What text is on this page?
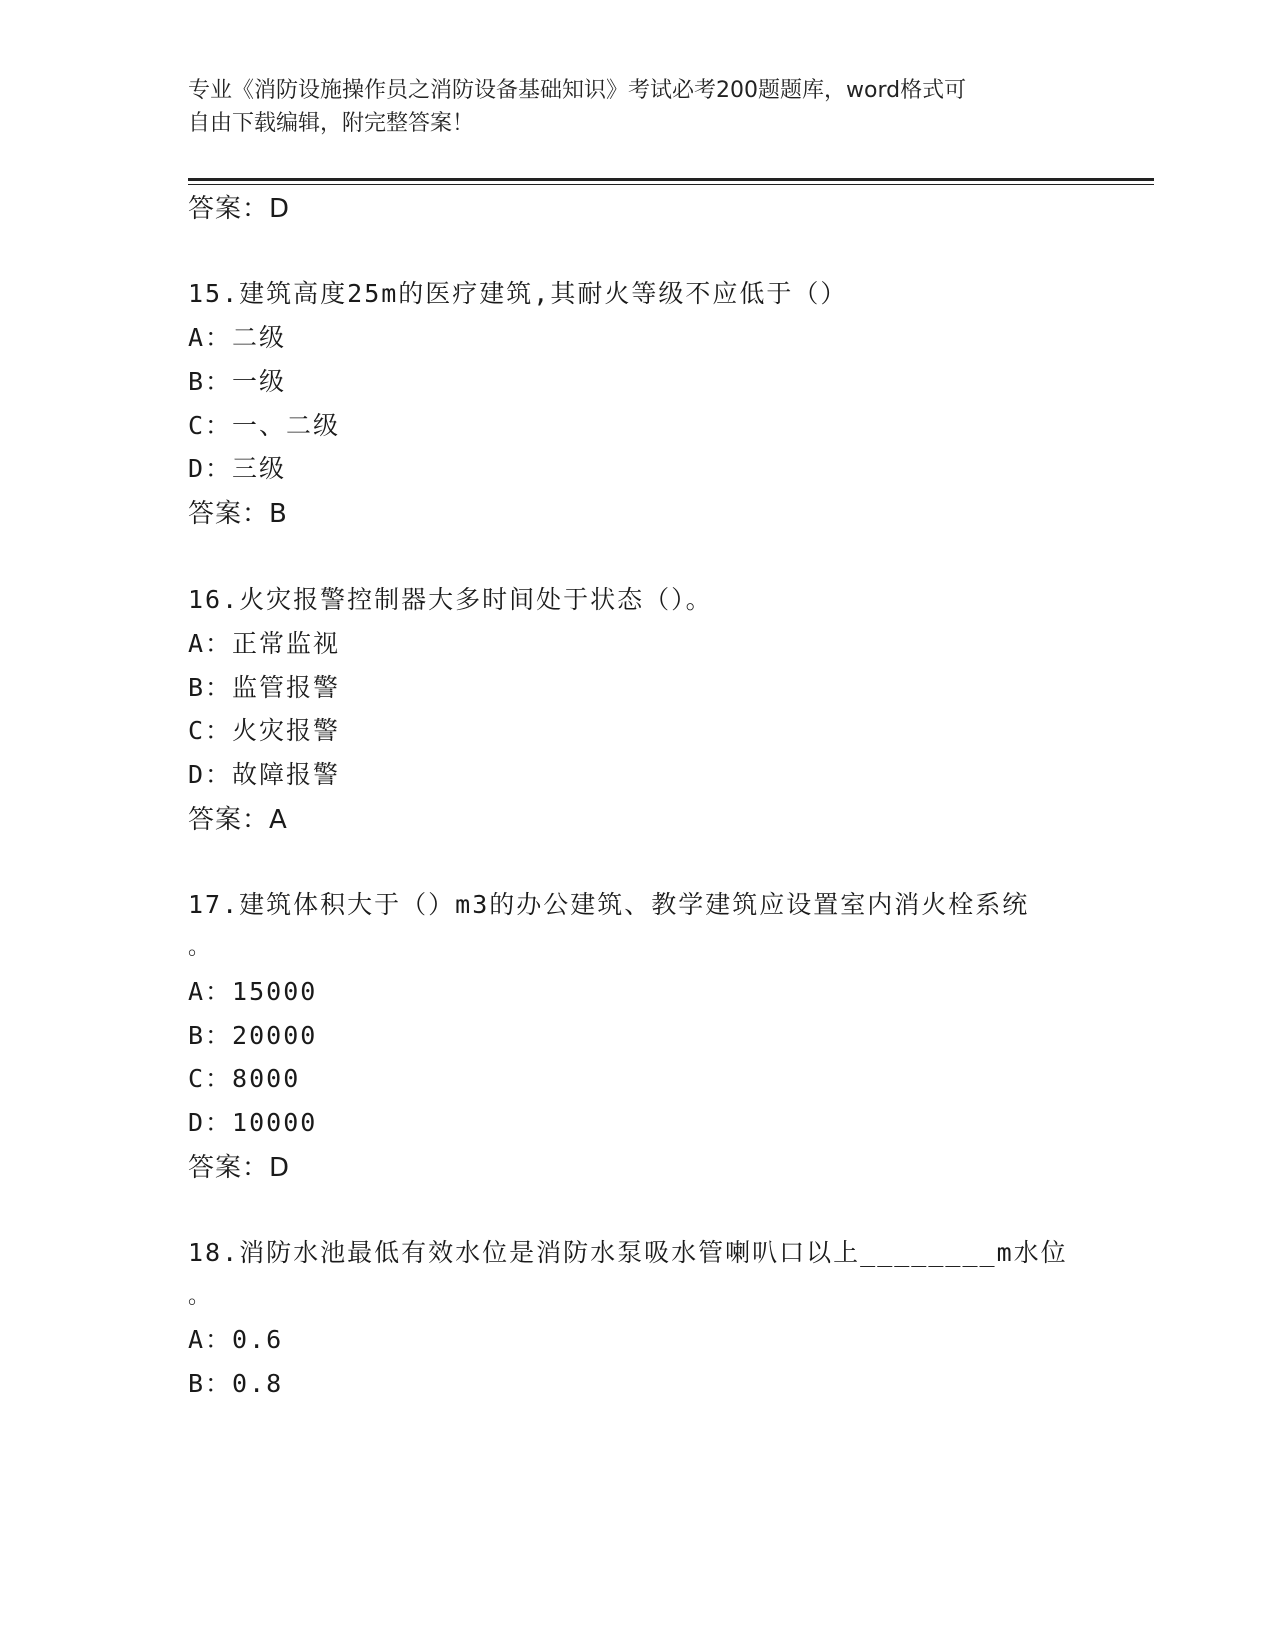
专业《消防设施操作员之消防设备基础知识》考试必考200题题库，word格式可
自由下载编辑，附完整答案！
答案：D
15.建筑高度25m的医疗建筑,其耐火等级不应低于（）
A：二级
B：一级
C：一、二级
D：三级
答案：B
16.火灾报警控制器大多时间处于状态（）。
A：正常监视
B：监管报警
C：火灾报警
D：故障报警
答案：A
17.建筑体积大于（）m3的办公建筑、教学建筑应设置室内消火栓系统
。
A：15000
B：20000
C：8000
D：10000
答案：D
18.消防水池最低有效水位是消防水泵吸水管喇叭口以上________m水位
。
A：0.6
B：0.8
